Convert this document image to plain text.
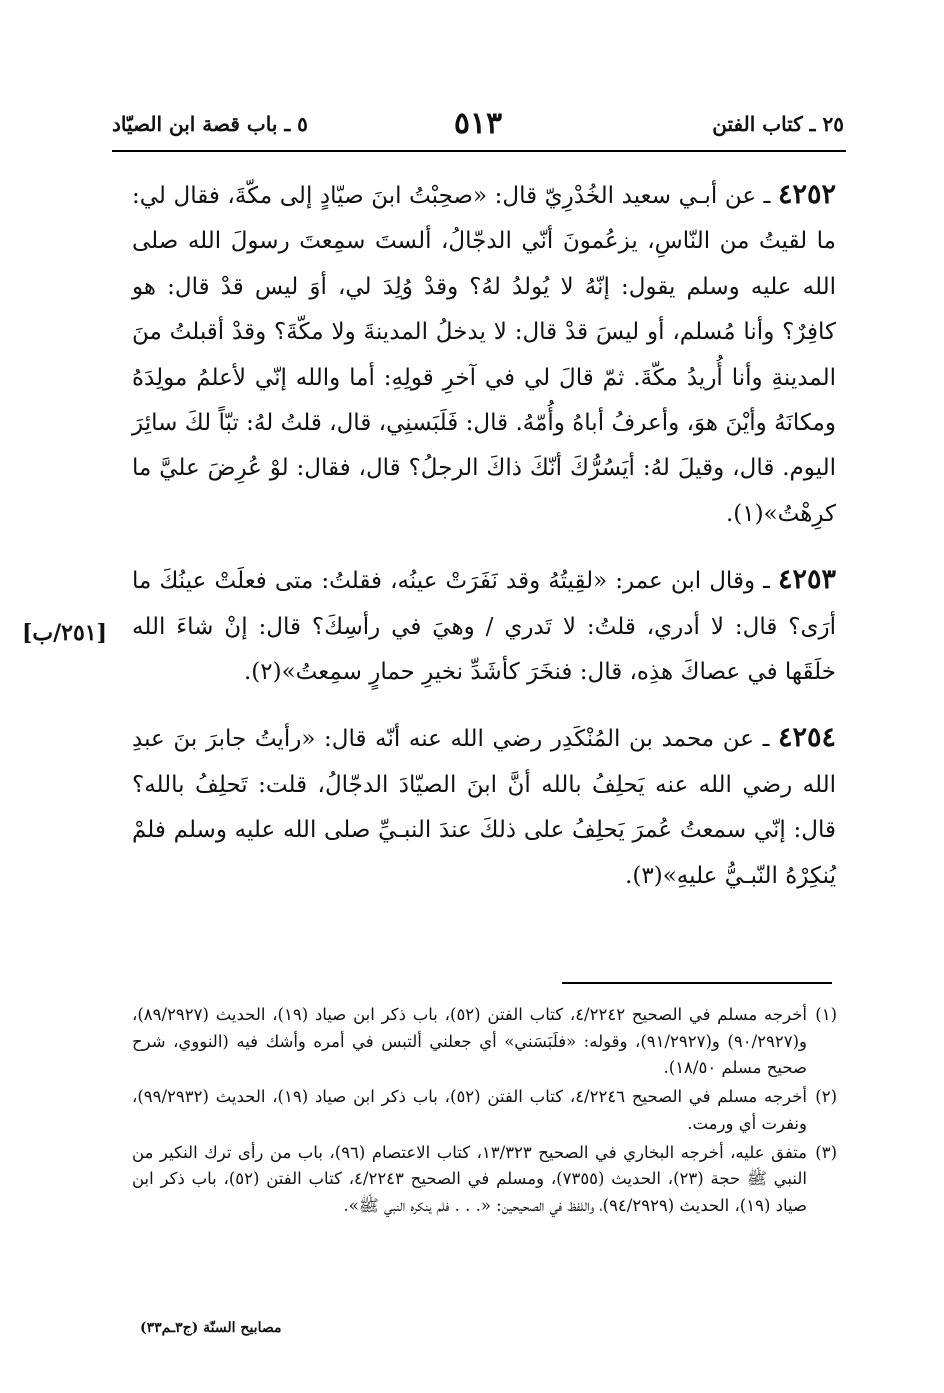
٢٥ ـ كتاب الفتن
٥١٣
٥ ـ باب قصة ابن الصيّاد

٤٢٥٢ ـ عن أبـي سعيد الخُدْرِيّ قال: «صحِبْتُ ابنَ صيّادٍ إلى مكّةَ، فقال لي: ما لقيتُ من النّاسِ، يزعُمونَ أنّي الدجّالُ، ألستَ سمِعتَ رسولَ الله صلى الله عليه وسلم يقول: إنّهُ لا يُولدُ لهُ؟ وقدْ وُلِدَ لي، أوَ ليس قدْ قال: هو كافِرٌ؟ وأنا مُسلم، أو ليسَ قدْ قال: لا يدخلُ المدينةَ ولا مكّةَ؟ وقدْ أقبلتُ منَ المدينةِ وأنا أُريدُ مكّةَ. ثمّ قالَ لي في آخرِ قولِهِ: أما والله إنّي لأعلمُ مولِدَهُ ومكانَهُ وأيْنَ هوَ، وأعرفُ أباهُ وأُمّهُ. قال: فَلَبَسنِي، قال، قلتُ لهُ: تبّاً لكَ سائِرَ اليوم. قال، وقيلَ لهُ: أيَسُرُّكَ أنّكَ ذاكَ الرجلُ؟ قال، فقال: لوْ عُرِضَ عليَّ ما كرِهْتُ»(١).

٤٢٥٣ ـ وقال ابن عمر: «لقِيتُهُ وقد نَفَرَتْ عينُه، فقلتُ: متى فعلَتْ عينُكَ ما أرَى؟ قال: لا أدري، قلتُ: لا تَدري / وهيَ في رأسِكَ؟ قال: إنْ شاءَ الله خلَقَها في عصاكَ هذِه، قال: فنخَرَ كأشَدِّ نخيرِ حمارٍ سمِعتُ»(٢).

٤٢٥٤ ـ عن محمد بن المُنْكَدِر رضي الله عنه أنّه قال: «رأيتُ جابرَ بنَ عبدِ الله رضي الله عنه يَحلِفُ بالله أنَّ ابنَ الصيّادَ الدجّالُ، قلت: تَحلِفُ بالله؟ قال: إنّي سمعتُ عُمرَ يَحلِفُ على ذلكَ عندَ النبـيِّ صلى الله عليه وسلم فلمْ يُنكِرْهُ النّبـيُّ عليهِ»(٣).

[٢٥١/ب]

(١)
أخرجه مسلم في الصحيح ٤/٢٢٤٢، كتاب الفتن (٥٢)، باب ذكر ابن صياد (١٩)، الحديث (٨٩/٢٩٢٧)، و(٩٠/٢٩٢٧) و(٩١/٢٩٢٧)، وقوله: «فلَبَسَني» أي جعلني ألتبس في أمره وأشك فيه (النووي، شرح صحيح مسلم ١٨/٥٠).

(٢)
أخرجه مسلم في الصحيح ٤/٢٢٤٦، كتاب الفتن (٥٢)، باب ذكر ابن صياد (١٩)، الحديث (٩٩/٢٩٣٢)، ونفرت أي ورمت.

(٣)
متفق عليه، أخرجه البخاري في الصحيح ١٣/٣٢٣، كتاب الاعتصام (٩٦)، باب من رأى ترك النكير من النبي ﷺ حجة (٢٣)، الحديث (٧٣٥٥)، ومسلم في الصحيح ٤/٢٢٤٣، كتاب الفتن (٥٢)، باب ذكر ابن صياد (١٩)، الحديث (٩٤/٢٩٢٩)، واللفظ في الصحيحين: «. . . فلم ينكره النبي ﷺ».

مصابيح السنّة (ج٣ـم٣٣)
